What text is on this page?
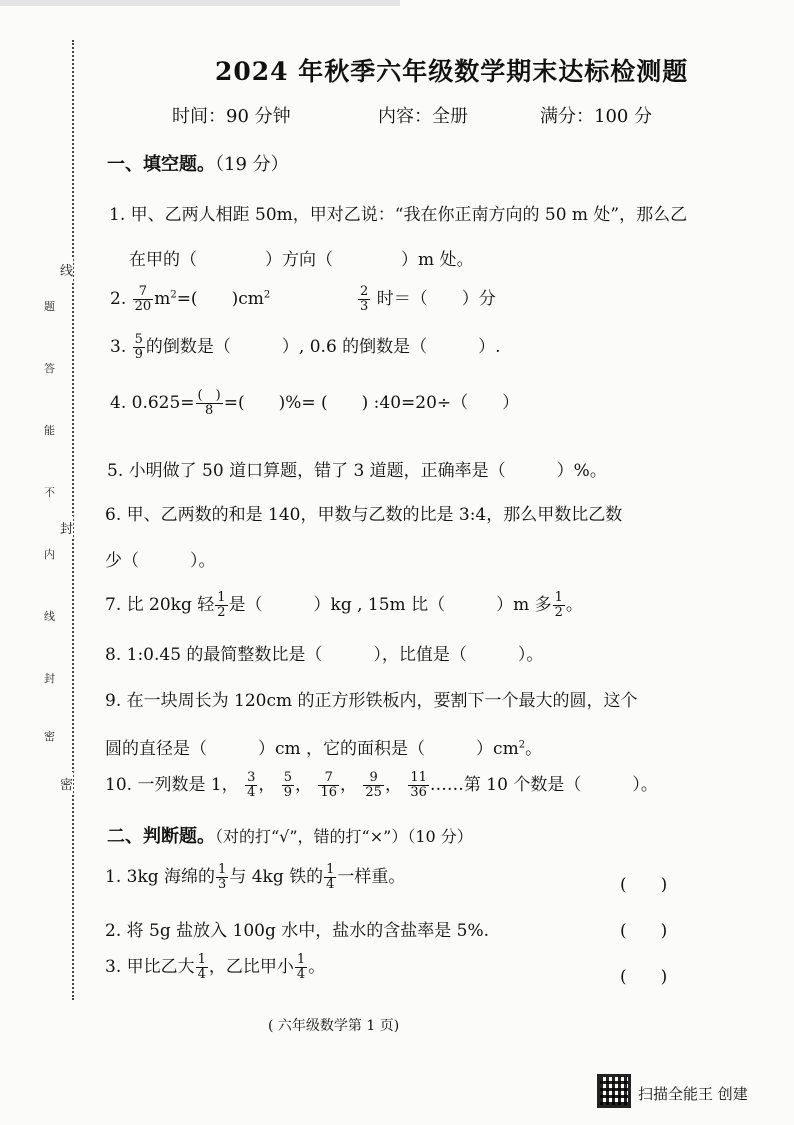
题
答
能
不
内
线
封
密
线
封
密
2024 年秋季六年级数学期末达标检测题
时间：90 分钟	内容：全册	满分：100 分
一、填空题。（19 分）
1. 甲、乙两人相距 50m，甲对乙说：“我在你正南方向的 50 m 处”，那么乙
在甲的（　　　　）方向（　　　　）m 处。
2. $\frac{7}{20} m^2=$(　　)$cm^2$	$\frac{2}{3}$ 时＝（　　）分
3. $\frac{5}{9}$ 的倒数是（　　　）, 0.6 的倒数是（　　　）.
4. $0.625= \frac{( )}{8}$ =(　　)%= (　　) :40=20÷（　　）
5. 小明做了 50 道口算题，错了 3 道题，正确率是（　　　）%。
6. 甲、乙两数的和是 140，甲数与乙数的比是 3:4，那么甲数比乙数
少（　　　）。
7. 比 20kg 轻 $\frac{1}{2}$ 是（　　　）kg , 15m 比（　　　）m 多 $\frac{1}{2}$ 。
8. 1:0.45 的最简整数比是（　　　），比值是（　　　）。
9. 在一块周长为 120cm 的正方形铁板内，要割下一个最大的圆，这个
圆的直径是（　　　）cm ，它的面积是（　　　）$cm^2$。
10. 一列数是 1， $\frac{3}{4}$ ， $\frac{5}{9}$ ， $\frac{7}{16}$ ， $\frac{9}{25}$ ， $\frac{11}{36}$ ……第 10 个数是（　　　）。
二、判断题。（对的打“√”，错的打“×”）（10 分）
1. 3kg 海绵的 $\frac{1}{3}$ 与 4kg 铁的 $\frac{1}{4}$ 一样重。	(　　)
2. 将 5g 盐放入 100g 水中，盐水的含盐率是 5%.	(　　)
3. 甲比乙大 $\frac{1}{4}$ ，乙比甲小 $\frac{1}{4}$ 。	(　　)
( 六年级数学第 1 页)
扫描全能王 创建
